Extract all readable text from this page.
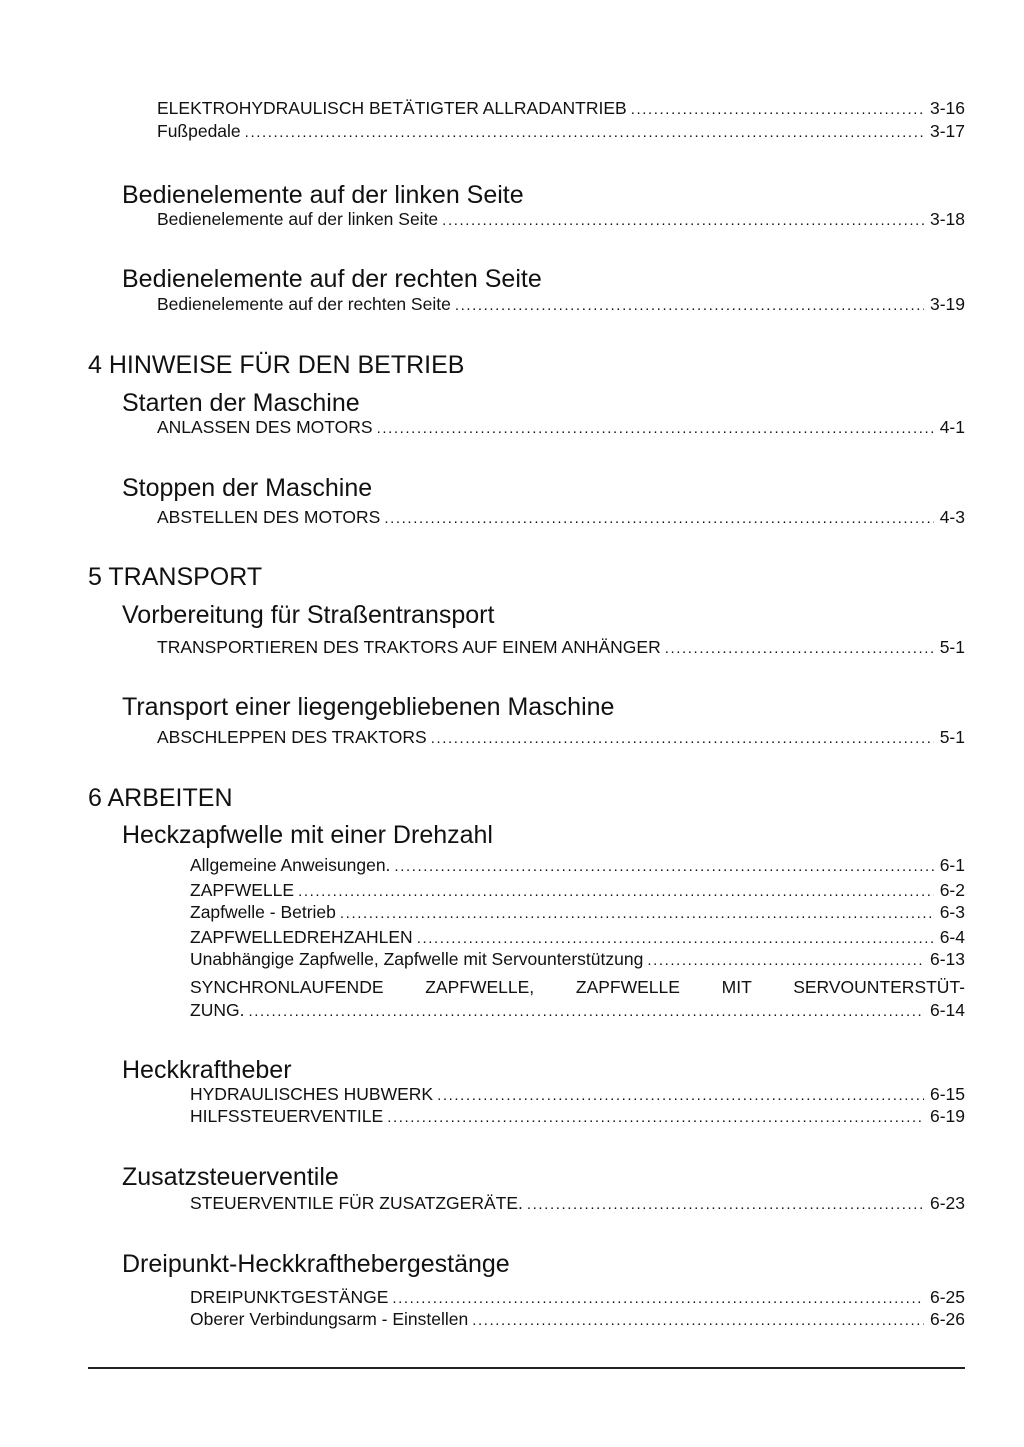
ELEKTROHYDRAULISCH BETÄTIGTER ALLRADANTRIEB .....	3-16
Fußpedale .....	3-17
Bedienelemente auf der linken Seite
Bedienelemente auf der linken Seite .....	3-18
Bedienelemente auf der rechten Seite
Bedienelemente auf der rechten Seite .....	3-19
4 HINWEISE FÜR DEN BETRIEB
Starten der Maschine
ANLASSEN DES MOTORS .....	4-1
Stoppen der Maschine
ABSTELLEN DES MOTORS .....	4-3
5 TRANSPORT
Vorbereitung für Straßentransport
TRANSPORTIEREN DES TRAKTORS AUF EINEM ANHÄNGER .....	5-1
Transport einer liegengebliebenen Maschine
ABSCHLEPPEN DES TRAKTORS .....	5-1
6 ARBEITEN
Heckzapfwelle mit einer Drehzahl
Allgemeine Anweisungen. .....	6-1
ZAPFWELLE .....	6-2
Zapfwelle - Betrieb .....	6-3
ZAPFWELLEDREHZAHLEN .....	6-4
Unabhängige Zapfwelle, Zapfwelle mit Servounterstützung .....	6-13
SYNCHRONLAUFENDE ZAPFWELLE, ZAPFWELLE MIT SERVOUNTERSTÜT-
ZUNG. .....	6-14
Heckkraftheber
HYDRAULISCHES HUBWERK .....	6-15
HILFSSTEUERVENTILE .....	6-19
Zusatzsteuerventile
STEUERVENTILE FÜR ZUSATZGERÄTE. .....	6-23
Dreipunkt-Heckkrafthebergestänge
DREIPUNKTGESTÄNGE .....	6-25
Oberer Verbindungsarm - Einstellen .....	6-26
